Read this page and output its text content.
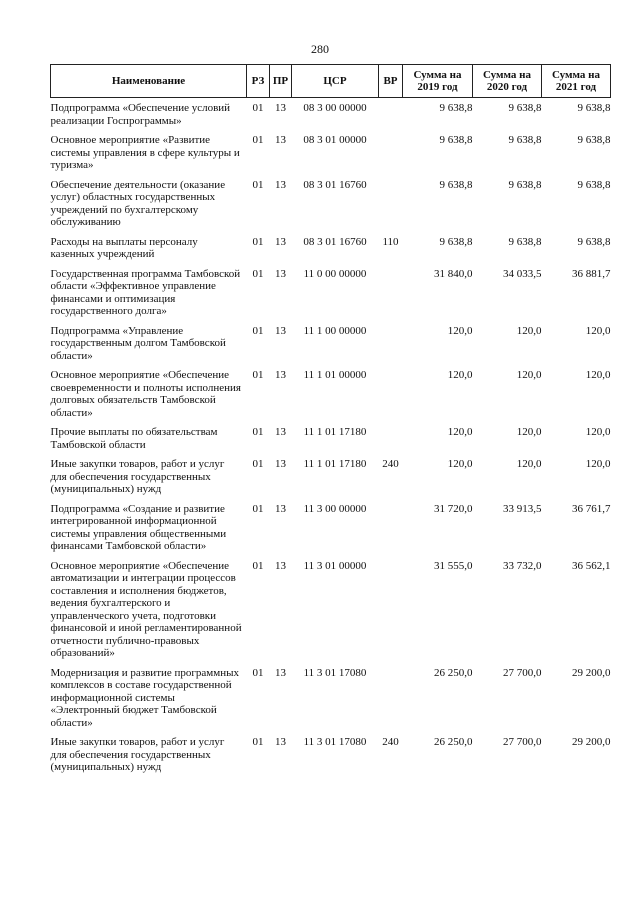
280
Наименование	РЗ	ПР	ЦСР	ВР	Сумма на 2019 год	Сумма на 2020 год	Сумма на 2021 год
Подпрограмма «Обеспечение условий реализации Госпрограммы»	01	13	08 3 00 00000		9 638,8	9 638,8	9 638,8
Основное мероприятие «Развитие системы управления в сфере культуры и туризма»	01	13	08 3 01 00000		9 638,8	9 638,8	9 638,8
Обеспечение деятельности (оказание услуг) областных государственных учреждений по бухгалтерскому обслуживанию	01	13	08 3 01 16760		9 638,8	9 638,8	9 638,8
Расходы на выплаты персоналу казенных учреждений	01	13	08 3 01 16760	110	9 638,8	9 638,8	9 638,8
Государственная программа Тамбовской области «Эффективное управление финансами и оптимизация государственного долга»	01	13	11 0 00 00000		31 840,0	34 033,5	36 881,7
Подпрограмма «Управление государственным долгом Тамбовской области»	01	13	11 1 00 00000		120,0	120,0	120,0
Основное мероприятие «Обеспечение своевременности и полноты исполнения долговых обязательств Тамбовской области»	01	13	11 1 01 00000		120,0	120,0	120,0
Прочие выплаты по обязательствам Тамбовской области	01	13	11 1 01 17180		120,0	120,0	120,0
Иные закупки товаров, работ и услуг для обеспечения государственных (муниципальных) нужд	01	13	11 1 01 17180	240	120,0	120,0	120,0
Подпрограмма «Создание и развитие интегрированной информационной системы управления общественными финансами Тамбовской области»	01	13	11 3 00 00000		31 720,0	33 913,5	36 761,7
Основное мероприятие «Обеспечение автоматизации и интеграции процессов составления и исполнения бюджетов, ведения бухгалтерского и управленческого учета, подготовки финансовой и иной регламентированной отчетности публично-правовых образований»	01	13	11 3 01 00000		31 555,0	33 732,0	36 562,1
Модернизация и развитие программных комплексов в составе государственной информационной системы «Электронный бюджет Тамбовской области»	01	13	11 3 01 17080		26 250,0	27 700,0	29 200,0
Иные закупки товаров, работ и услуг для обеспечения государственных (муниципальных) нужд	01	13	11 3 01 17080	240	26 250,0	27 700,0	29 200,0
